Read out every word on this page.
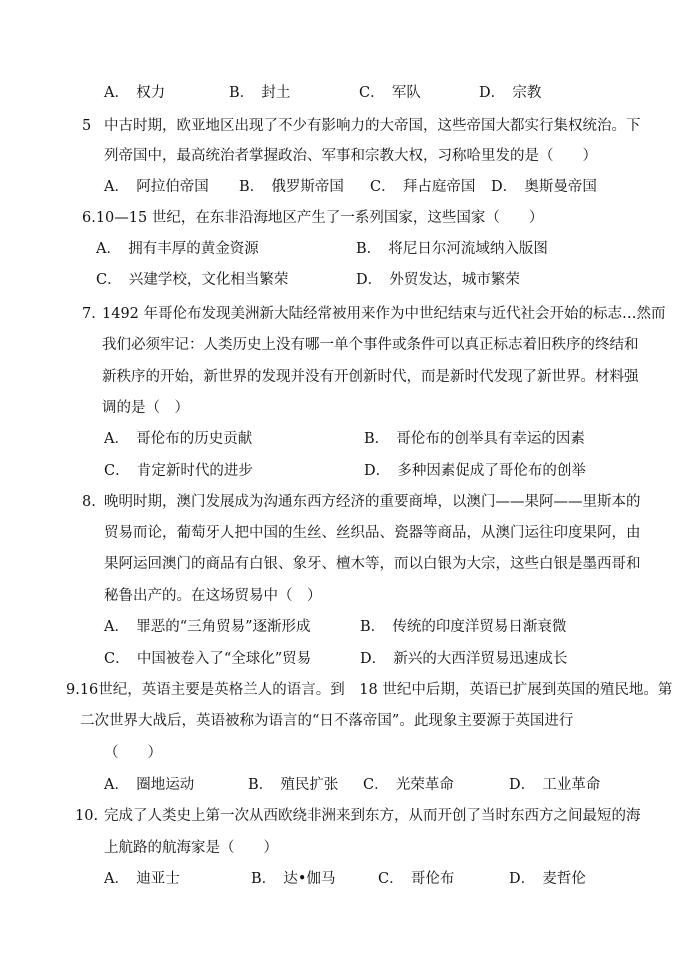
A．　权力	B．　封土	C．　军队	D．　宗教
5 中古时期，欧亚地区出现了不少有影响力的大帝国，这些帝国大都实行集权统治。下
列帝国中，最高统治者掌握政治、军事和宗教大权，习称哈里发的是（　　）
A．　阿拉伯帝国 B．　俄罗斯帝国 C．　拜占庭帝国 D．　奥斯曼帝国
6.10—15 世纪，在东非沿海地区产生了一系列国家，这些国家（　　）
A．　拥有丰厚的黄金资源	B．　将尼日尔河流域纳入版图
C．　兴建学校，文化相当繁荣	D．　外贸发达，城市繁荣
7. 1492 年哥伦布发现美洲新大陆经常被用来作为中世纪结束与近代社会开始的标志…然而
我们必须牢记：人类历史上没有哪一单个事件或条件可以真正标志着旧秩序的终结和
新秩序的开始，新世界的发现并没有开创新时代，而是新时代发现了新世界。材料强
调的是（　）
A．　哥伦布的历史贡献	B．　哥伦布的创举具有幸运的因素
C．　肯定新时代的进步	D．　多种因素促成了哥伦布的创举
8. 晚明时期，澳门发展成为沟通东西方经济的重要商埠，以澳门——果阿——里斯本的
贸易而论，葡萄牙人把中国的生丝、丝织品、瓷器等商品，从澳门运往印度果阿，由
果阿运回澳门的商品有白银、象牙、檀木等，而以白银为大宗，这些白银是墨西哥和
秘鲁出产的。在这场贸易中（　）
A．　罪恶的“三角贸易”逐渐形成	B．　传统的印度洋贸易日渐衰微
C．　中国被卷入了“全球化”贸易	D．　新兴的大西洋贸易迅速成长
9.16世纪，英语主要是英格兰人的语言。到　18 世纪中后期，英语已扩展到英国的殖民地。第
二次世界大战后，英语被称为语言的“日不落帝国”。此现象主要源于英国进行
（　　）
A．　圈地运动	B．　殖民扩张 C．　光荣革命	D．　工业革命
10. 完成了人类史上第一次从西欧绕非洲来到东方，从而开创了当时东西方之间最短的海
上航路的航海家是（　　）
A．　迪亚士	B．　达•伽马	C．　哥伦布	D．　麦哲伦
